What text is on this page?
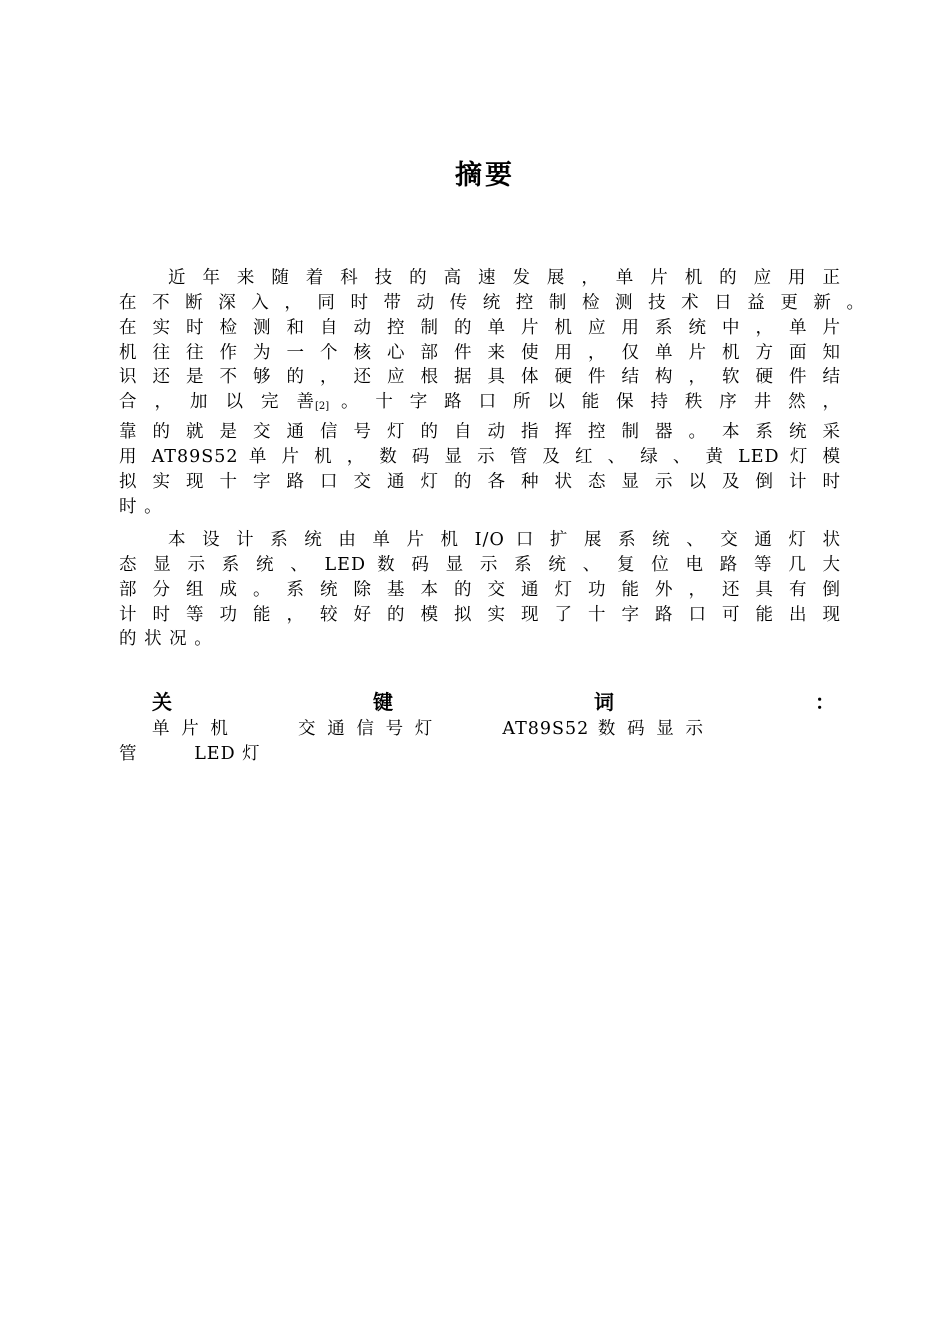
摘要
近 年 来 随 着 科 技 的 高 速 发 展 ， 单 片 机 的 应 用 正
在 不 断 深 入 ， 同 时 带 动 传 统 控 制 检 测 技 术 日 益 更 新 。
在 实 时 检 测 和 自 动 控 制 的 单 片 机 应 用 系 统 中 ， 单 片
机 往 往 作 为 一 个 核 心 部 件 来 使 用 ， 仅 单 片 机 方 面 知
识 还 是 不 够 的 ， 还 应 根 据 具 体 硬 件 结 构 ， 软 硬 件 结
合 ， 加 以 完 善[2] 。 十 字 路 口 所 以 能 保 持 秩 序 井 然 ，
靠 的 就 是 交 通 信 号 灯 的 自 动 指 挥 控 制 器 。 本 系 统 采
用 AT89S52 单 片 机 ， 数 码 显 示 管 及 红 、 绿 、 黄 LED 灯 模
拟 实 现 十 字 路 口 交 通 灯 的 各 种 状 态 显 示 以 及 倒 计 时
时 。
本 设 计 系 统 由 单 片 机 I/O 口 扩 展 系 统 、 交 通 灯 状
态 显 示 系 统 、 LED 数 码 显 示 系 统 、 复 位 电 路 等 几 大
部 分 组 成 。 系 统 除 基 本 的 交 通 灯 功 能 外 ， 还 具 有 倒
计 时 等 功 能 ， 较 好 的 模 拟 实 现 了 十 字 路 口 可 能 出 现
的 状 况 。
关 键 词 ：单 片 机 　 　 交 通 信 号 灯 　 　 AT89S52 数 码 显 示
管 　 　 LED 灯
